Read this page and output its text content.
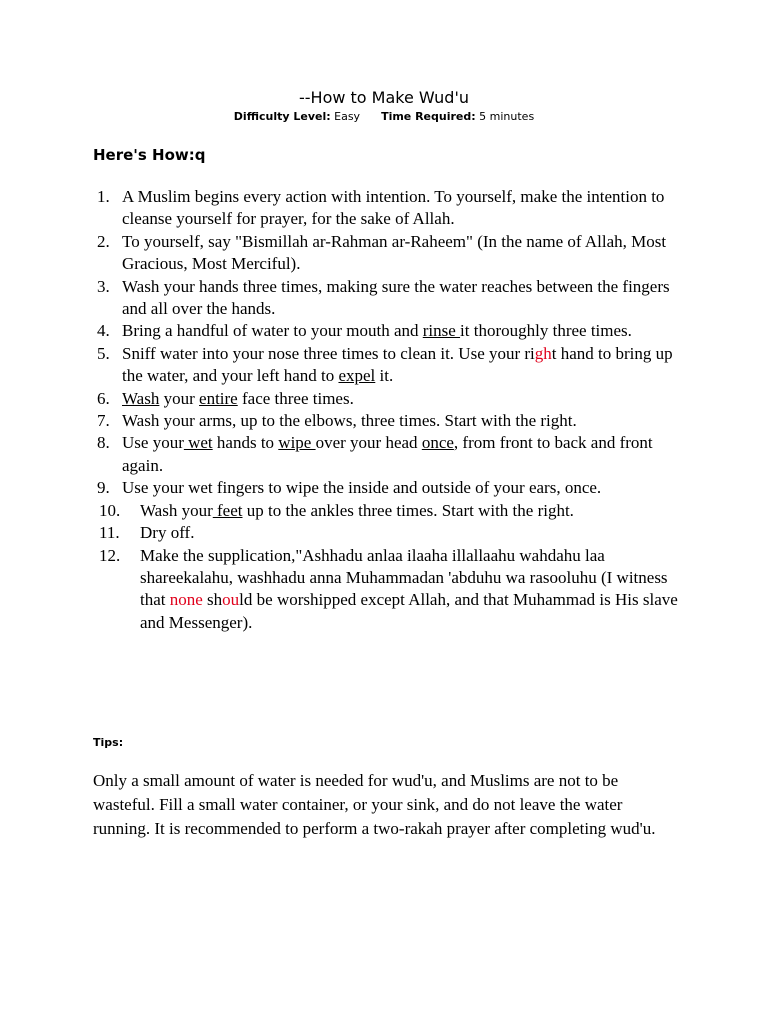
--How to Make Wud'u
Difficulty Level: Easy Time Required: 5 minutes
Here's How:q
1. A Muslim begins every action with intention. To yourself, make the intention to cleanse yourself for prayer, for the sake of Allah.
2. To yourself, say "Bismillah ar-Rahman ar-Raheem" (In the name of Allah, Most Gracious, Most Merciful).
3. Wash your hands three times, making sure the water reaches between the fingers and all over the hands.
4. Bring a handful of water to your mouth and rinse it thoroughly three times.
5. Sniff water into your nose three times to clean it. Use your right hand to bring up the water, and your left hand to expel it.
6. Wash your entire face three times.
7. Wash your arms, up to the elbows, three times. Start with the right.
8. Use your wet hands to wipe over your head once, from front to back and front again.
9. Use your wet fingers to wipe the inside and outside of your ears, once.
10. Wash your feet up to the ankles three times. Start with the right.
11. Dry off.
12. Make the supplication,"Ashhadu anlaa ilaaha illallaahu wahdahu laa shareekalahu, washhadu anna Muhammadan 'abduhu wa rasooluhu (I witness that none should be worshipped except Allah, and that Muhammad is His slave and Messenger).
Tips:

Only a small amount of water is needed for wud'u, and Muslims are not to be wasteful. Fill a small water container, or your sink, and do not leave the water running. It is recommended to perform a two-rakah prayer after completing wud'u.
